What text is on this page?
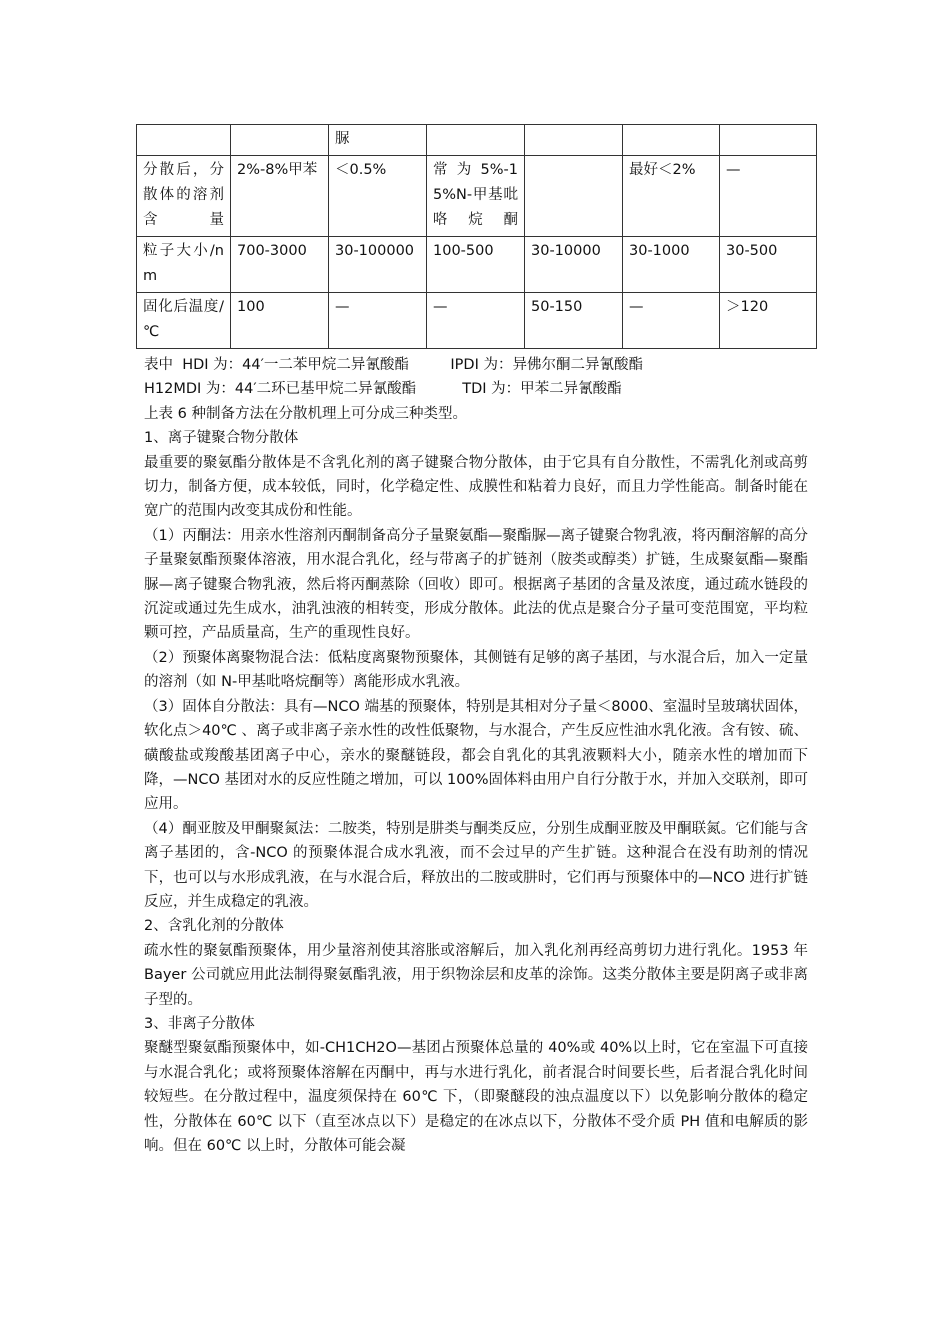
		脲				
分散后，分散体的溶剂含量	2%-8%甲苯	＜0.5%	常为5%-15%N-甲基吡咯烷酮		最好＜2%	—
粒子大小/nm	700-3000	30-100000	100-500	30-10000	30-1000	30-500
固化后温度/℃	100	—	—	50-150	—	＞120

表中  HDI 为：44′一二苯甲烷二异氰酸酯         IPDI 为：异佛尔酮二异氰酸酯

H12MDI 为：44′二环已基甲烷二异氰酸酯          TDI 为：甲苯二异氰酸酯

上表 6 种制备方法在分散机理上可分成三种类型。

1、离子键聚合物分散体

最重要的聚氨酯分散体是不含乳化剂的离子键聚合物分散体，由于它具有自分散性，不需乳化剂或高剪切力，制备方便，成本较低，同时，化学稳定性、成膜性和粘着力良好，而且力学性能高。制备时能在宽广的范围内改变其成份和性能。

（1）丙酮法：用亲水性溶剂丙酮制备高分子量聚氨酯—聚酯脲—离子键聚合物乳液，将丙酮溶解的高分子量聚氨酯预聚体溶液，用水混合乳化，经与带离子的扩链剂（胺类或醇类）扩链，生成聚氨酯—聚酯脲—离子键聚合物乳液，然后将丙酮蒸除（回收）即可。根据离子基团的含量及浓度，通过疏水链段的沉淀或通过先生成水，油乳浊液的相转变，形成分散体。此法的优点是聚合分子量可变范围宽，平均粒颗可控，产品质量高，生产的重现性良好。

（2）预聚体离聚物混合法：低粘度离聚物预聚体，其侧链有足够的离子基团，与水混合后，加入一定量的溶剂（如 N-甲基吡咯烷酮等）离能形成水乳液。

（3）固体自分散法：具有—NCO 端基的预聚体，特别是其相对分子量＜8000、室温时呈玻璃状固体，软化点＞40℃ 、离子或非离子亲水性的改性低聚物，与水混合，产生反应性油水乳化液。含有铵、硫、磺酸盐或羧酸基团离子中心，亲水的聚醚链段，都会自乳化的其乳液颗料大小，随亲水性的增加而下降，—NCO 基团对水的反应性随之增加，可以 100%固体料由用户自行分散于水，并加入交联剂，即可应用。

（4）酮亚胺及甲酮聚氮法：二胺类，特别是肼类与酮类反应，分别生成酮亚胺及甲酮联氮。它们能与含离子基团的，含-NCO 的预聚体混合成水乳液，而不会过早的产生扩链。这种混合在没有助剂的情况下，也可以与水形成乳液，在与水混合后，释放出的二胺或肼时，它们再与预聚体中的—NCO 进行扩链反应，并生成稳定的乳液。

2、含乳化剂的分散体

疏水性的聚氨酯预聚体，用少量溶剂使其溶胀或溶解后，加入乳化剂再经高剪切力进行乳化。1953 年 Bayer 公司就应用此法制得聚氨酯乳液，用于织物涂层和皮革的涂饰。这类分散体主要是阴离子或非离子型的。

3、非离子分散体

聚醚型聚氨酯预聚体中，如-CH1CH2O—基团占预聚体总量的 40%或 40%以上时，它在室温下可直接与水混合乳化；或将预聚体溶解在丙酮中，再与水进行乳化，前者混合时间要长些，后者混合乳化时间较短些。在分散过程中，温度须保持在 60℃ 下，（即聚醚段的浊点温度以下）以免影响分散体的稳定性，分散体在 60℃ 以下（直至冰点以下）是稳定的在冰点以下，分散体不受介质 PH 值和电解质的影响。但在 60℃ 以上时，分散体可能会凝
